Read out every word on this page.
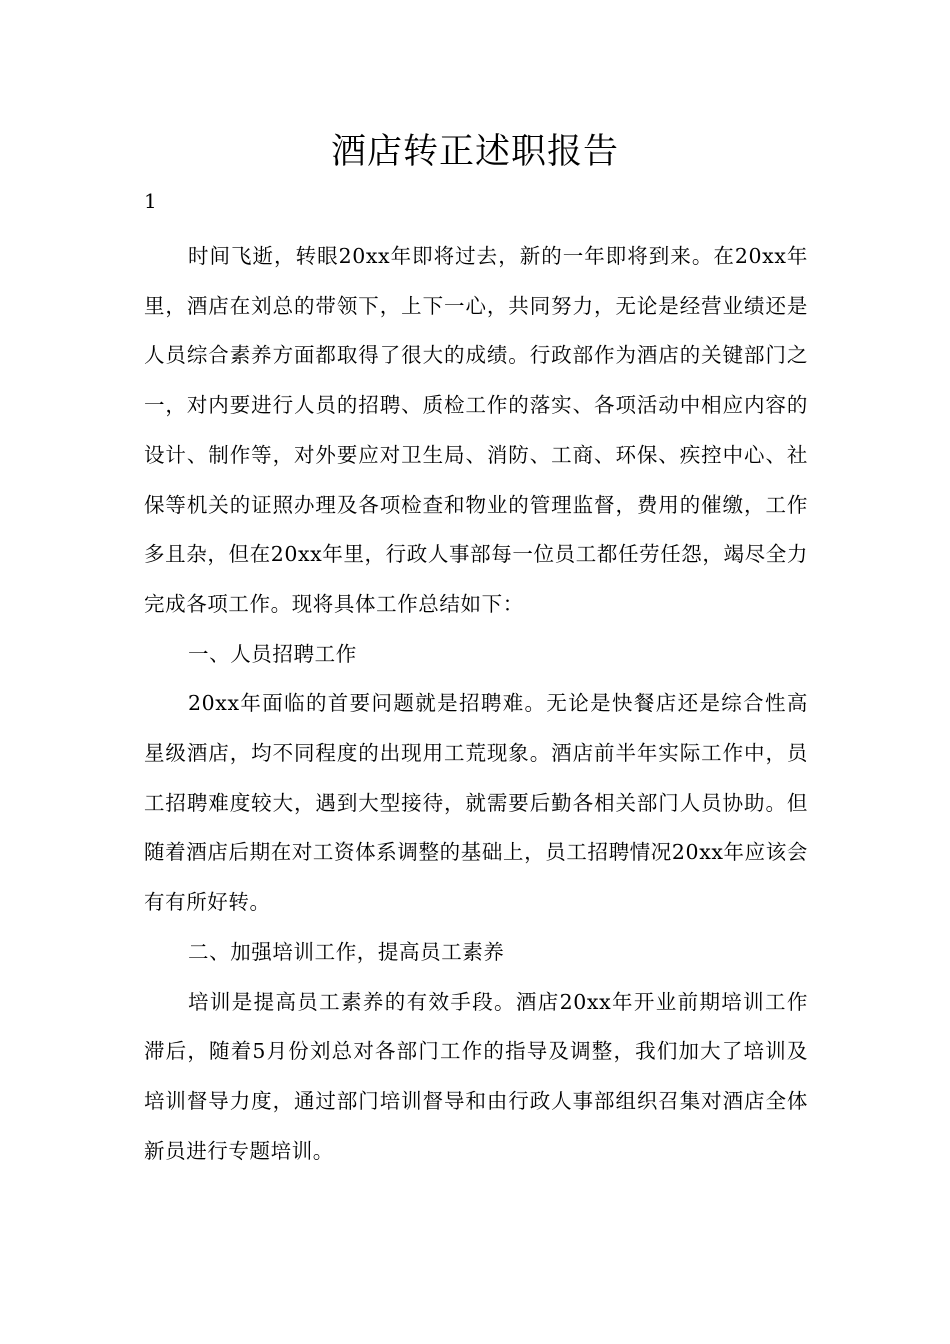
酒店转正述职报告

1

时间飞逝，转眼20xx年即将过去，新的一年即将到来。在20xx年里，酒店在刘总的带领下，上下一心，共同努力，无论是经营业绩还是人员综合素养方面都取得了很大的成绩。行政部作为酒店的关键部门之一，对内要进行人员的招聘、质检工作的落实、各项活动中相应内容的设计、制作等，对外要应对卫生局、消防、工商、环保、疾控中心、社保等机关的证照办理及各项检查和物业的管理监督，费用的催缴，工作多且杂，但在20xx年里，行政人事部每一位员工都任劳任怨，竭尽全力完成各项工作。现将具体工作总结如下：

一、人员招聘工作

20xx年面临的首要问题就是招聘难。无论是快餐店还是综合性高星级酒店，均不同程度的出现用工荒现象。酒店前半年实际工作中，员工招聘难度较大，遇到大型接待，就需要后勤各相关部门人员协助。但随着酒店后期在对工资体系调整的基础上，员工招聘情况20xx年应该会有有所好转。

二、加强培训工作，提高员工素养

培训是提高员工素养的有效手段。酒店20xx年开业前期培训工作滞后，随着5月份刘总对各部门工作的指导及调整，我们加大了培训及培训督导力度，通过部门培训督导和由行政人事部组织召集对酒店全体新员进行专题培训。
